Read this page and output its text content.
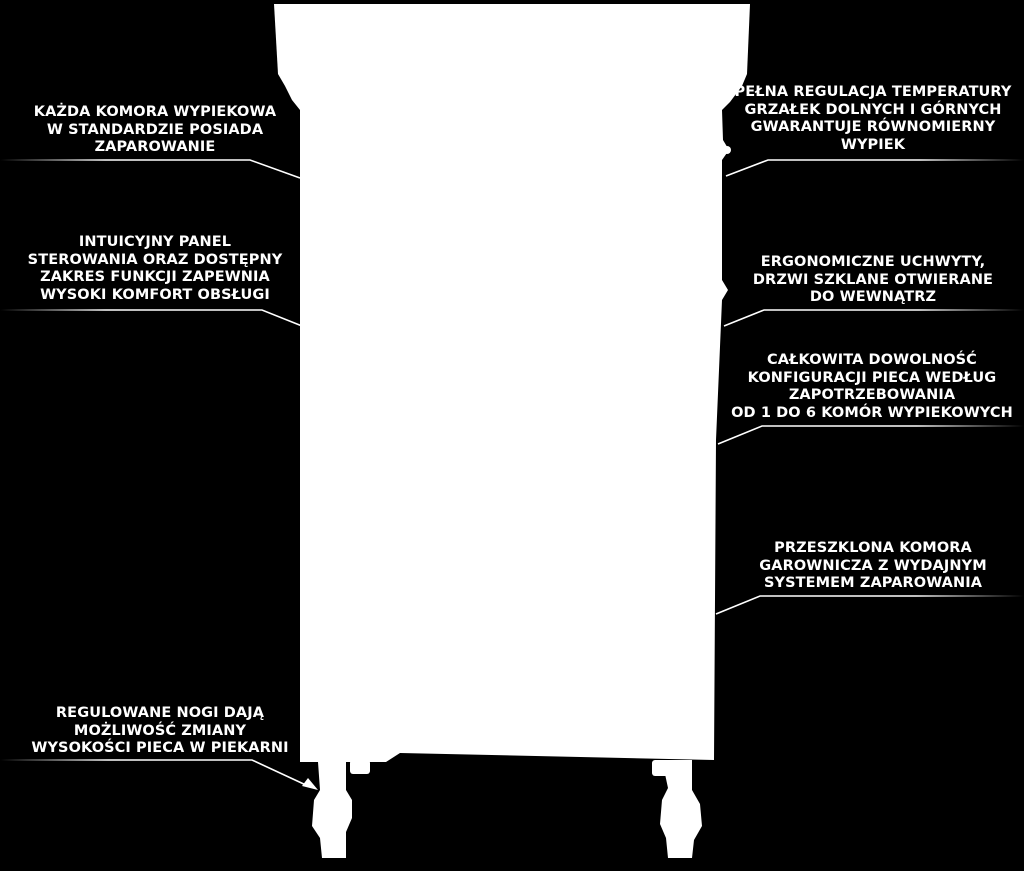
KAŻDA KOMORA WYPIEKOWA
W STANDARDZIE POSIADA
ZAPAROWANIE
INTUICYJNY PANEL
STEROWANIA ORAZ DOSTĘPNY
ZAKRES FUNKCJI ZAPEWNIA
WYSOKI KOMFORT OBSŁUGI
REGULOWANE NOGI DAJĄ
MOŻLIWOŚĆ ZMIANY
WYSOKOŚCI PIECA W PIEKARNI
PEŁNA REGULACJA TEMPERATURY
GRZAŁEK DOLNYCH I GÓRNYCH
GWARANTUJE RÓWNOMIERNY
WYPIEK
ERGONOMICZNE UCHWYTY,
DRZWI SZKLANE OTWIERANE
DO WEWNĄTRZ
CAŁKOWITA DOWOLNOŚĆ
KONFIGURACJI PIECA WEDŁUG
ZAPOTRZEBOWANIA
OD 1 DO 6 KOMÓR WYPIEKOWYCH
PRZESZKLONA KOMORA
GAROWNICZA Z WYDAJNYM
SYSTEMEM ZAPAROWANIA
